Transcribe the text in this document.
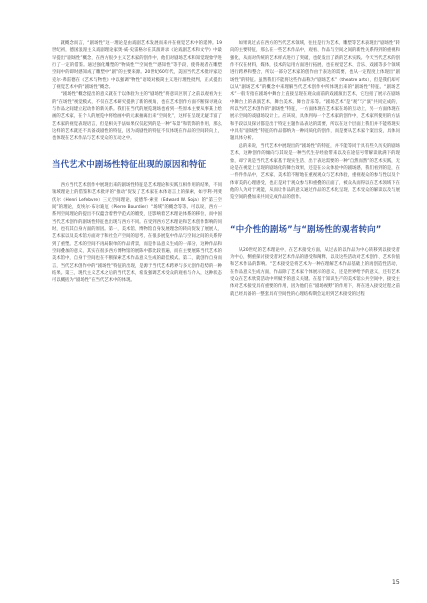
就概念而言，“剧场性”这一理论是由戏剧艺术发展而来并在视觉艺术中的延伸。19世纪初，德国浪漫主义戏剧理论家奥·威·史雷格尔在其演讲录《论戏剧艺术和文学》中最早提出“剧场性”概念，在西方很少主义艺术家的创作中，他们对剧场艺术和知觉现象学进行了一定的借鉴。通过强化雕塑的“物质性”“空间性”“感知性”等手段，使得观者在雕塑空间中的即时感知成了雕塑中“剧”的主要来源。20世纪60年代，美国当代艺术批评家迈克尔·弗雷德在《艺术与物性》中以强调“物性”语境对极简主义进行理性批判，正式提出了视觉艺术中的“剧场性”概念。

“剧场性”概念提出的意义就在于以体验为主的“剧场性”将意识区别了之前以观看为主的“在场性”视觉模式，不仅在艺术研究提供了新的视角，也在艺术创作方面不断探寻观众与作品之间建立起动作的新关系。我们在当代的展览现场也看到一些原本主要从事某上绘画的艺术家，在个人的展览中将绘画中的元素抽离出来“空间化”，这样在呈现无疑丰富了艺术家的视觉表现语言，但是相关手法如果仅仅起到的是一种“布景”和装饰的作用，那么这样的艺术就还不具备戏剧性的特征，因为戏剧性的特征不仅体现在作品的空间转向上，也体现在艺术作品与艺术受众的互动之中。

当代艺术中剧场性特征出现的原因和特征

西方当代艺术创作中展现出来的剧场性特征是艺术理论和实践互相作用的结果，不同领域理论上的借鉴和艺术批评的“推动”促发了艺术家在本体语言上的探索，如亨利·列斐伏尔（Henri Lefebvre）三元空间理论、爱德华·索亚（Edward W. Soja）的“第三空间”的理论，皮埃尔·布尔迪厄（Pierre Bourdier）“场域”的概念等等。可以说，西方一系列空间理论的提出不仅蕴含着哲学范式的嬗变，还影响着艺术理论体系的移位，而中国当代艺术创作的剧场性特征也出现与西方不同。在受到西方艺术理论和艺术创作影响的同时，也有其自身方面的原因。第一，美术馆、博物馆自身发展理念的转向促发了展展人、艺术家以及美术馆方面对于和社会产空间的思考，在很多展览中作品与空间之间的关系得到了重塑。艺术的空间不再局限单的作品背景，而是作品意义生成的一部分，这种作品和空间叠加的意义，其实在很多西方博物馆的展陈中都比较普遍，而在主要展陈当代艺术的美术馆中，自身于空间也在不断探索艺术作品意义生成的最佳模式。第二，就创作自身而言，当代艺术创作中的“剧场性”特征的出现，是源于当代艺术跨界与多元创作趋势的一种结果。第三，现代主义艺术之后的当代艺术，希发强调艺术受众的观看与介入，这种状态可以概括为“剧场性”在当代艺术中的体现。

如果说过去在西方的当代艺术领域，往往是行为艺术、雕塑等艺术表现出“剧场性”转向的主要特征，那么在一些艺术作品中，观看、作品与空间之间的新性关系得到的重视和强化，从而对传统的艺术样式进行了突破，也促发出了新的艺术实践。今天当代艺术的创作不仅在材料，媒体，技术的运用方面进行拓展，也在视觉艺术、音乐、戏剧等多个领域进行跨界和整合，所以一部分艺术家的创作由于表达的需要，也从一定程度上体现出“剧场性”的特征。虽然我们不能将这些作品称为“剧场艺术”（theatre arts），但是我们却可以从“剧场艺术”的概念中来理解当代艺术创作中所体现出来的“剧场性”特征。“剧场艺术”一般专指在剧场中舞台上直接呈现在观众面前的戏剧演出艺术，它包括了展示在剧场中舞台上的表演艺术，舞台美术，舞台音乐等。“剧场艺术”是“观”与“演”共同完成的，所以当代艺术创作的“剧场性”特征，一方面体现在艺术家在场的互动上，另一方面体现在展示空间的戏剧场设计上。应该说，具体到每一个艺术家的创作中，艺术家所使用的方法和手段以及探讨都是出于特定主题作品表达的需要，所以在这个层面上我们并不能将现实中具有“剧场性”特征的作品都纳为一种同质化的创作，而是要从艺术家个案出发，具体问题具体分析。

总的来说，当代艺术中展现出的“剧场性”的特征，并不能等同于具有些久历史的剧场艺术，这种创作的倾向与其说是一种当代生存经验带来以及在途信号带解读欲满下的现象，却宁说是当代艺术家基于现实生活、出于表达需要的一种“自然而然”的艺术实践，无论是在视觉上呈现的剧场化的舞台效果，还是在公众体验中的剧场感，我们看到的是，在一件件作品中，艺术家、美术馆不断地在重视观众与艺术体验，重视观众的参与性以及个体审美的心理感受，也正是对于观众参与和重叠的正面了，被众从而得以在艺术领域下在他的人为对于观能，从而让作品的意义通过作品的艺术化呈现、艺术受众的解读以及与展览空间的叠加来共同完成作品的创作。

“中介性的剧场”与“剧场性的观者转向”

从20世纪的艺术理论中，在艺术接受方面，从过去的以作品为中心转移到以接受者为中心，侧重探讨接受者对艺术作品的感受和阐释，以及这些活动对艺术创作、艺术价值和艺术作品的影响。“艺术接受是将艺术为一种在理解艺术作品基础上的再创造性活动，在作品意义生成方面，作品除了艺术家个体展示的意义，还是世界给予的意义，还有艺术受众在艺术欣赏活动中所赋予的意义关键。在基于知识生产的美术馆公共空间中，接受主体对艺术接受具有重要的作用，因为他们在“剧场视野”的作用下，将在进入接受过程之前就已经具备的一整套具有空间性的心理结构期会运用到艺术接受的过程

15
